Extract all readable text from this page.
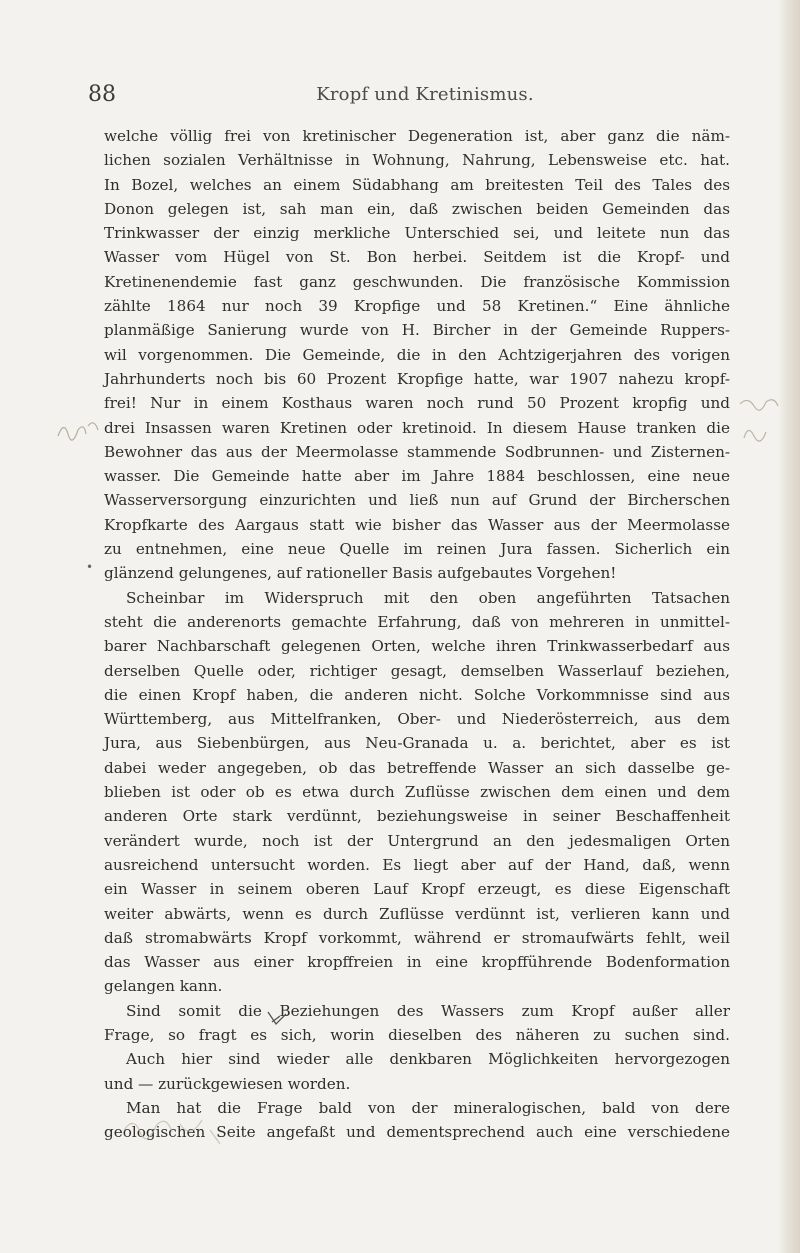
88	Kropf und Kretinismus.
welche völlig frei von kretinischer Degeneration ist, aber ganz die näm-
lichen sozialen Verhältnisse in Wohnung, Nahrung, Lebensweise etc. hat.
In Bozel, welches an einem Südabhang am breitesten Teil des Tales des
Donon gelegen ist, sah man ein, daß zwischen beiden Gemeinden das
Trinkwasser der einzig merkliche Unterschied sei, und leitete nun das
Wasser vom Hügel von St. Bon herbei. Seitdem ist die Kropf- und
Kretinenendemie fast ganz geschwunden. Die französische Kommission
zählte 1864 nur noch 39 Kropfige und 58 Kretinen.“ Eine ähnliche
planmäßige Sanierung wurde von H. Bircher in der Gemeinde Ruppers-
wil vorgenommen. Die Gemeinde, die in den Achtzigerjahren des vorigen
Jahrhunderts noch bis 60 Prozent Kropfige hatte, war 1907 nahezu kropf-
frei! Nur in einem Kosthaus waren noch rund 50 Prozent kropfig und
drei Insassen waren Kretinen oder kretinoid. In diesem Hause tranken die
Bewohner das aus der Meermolasse stammende Sodbrunnen- und Zisternen-
wasser. Die Gemeinde hatte aber im Jahre 1884 beschlossen, eine neue
Wasserversorgung einzurichten und ließ nun auf Grund der Bircherschen
Kropfkarte des Aargaus statt wie bisher das Wasser aus der Meermolasse
zu entnehmen, eine neue Quelle im reinen Jura fassen. Sicherlich ein
glänzend gelungenes, auf rationeller Basis aufgebautes Vorgehen!
Scheinbar im Widerspruch mit den oben angeführten Tatsachen
steht die anderenorts gemachte Erfahrung, daß von mehreren in unmittel-
barer Nachbarschaft gelegenen Orten, welche ihren Trinkwasserbedarf aus
derselben Quelle oder, richtiger gesagt, demselben Wasserlauf beziehen,
die einen Kropf haben, die anderen nicht. Solche Vorkommnisse sind aus
Württemberg, aus Mittelfranken, Ober- und Niederösterreich, aus dem
Jura, aus Siebenbürgen, aus Neu-Granada u. a. berichtet, aber es ist
dabei weder angegeben, ob das betreffende Wasser an sich dasselbe ge-
blieben ist oder ob es etwa durch Zuflüsse zwischen dem einen und dem
anderen Orte stark verdünnt, beziehungsweise in seiner Beschaffenheit
verändert wurde, noch ist der Untergrund an den jedesmaligen Orten
ausreichend untersucht worden. Es liegt aber auf der Hand, daß, wenn
ein Wasser in seinem oberen Lauf Kropf erzeugt, es diese Eigenschaft
weiter abwärts, wenn es durch Zuflüsse verdünnt ist, verlieren kann und
daß stromabwärts Kropf vorkommt, während er stromaufwärts fehlt, weil
das Wasser aus einer kropffreien in eine kropfführende Bodenformation
gelangen kann.
Sind somit die Beziehungen des Wassers zum Kropf außer aller
Frage, so fragt es sich, worin dieselben des näheren zu suchen sind.
Auch hier sind wieder alle denkbaren Möglichkeiten hervorgezogen
und — zurückgewiesen worden.
Man hat die Frage bald von der mineralogischen, bald von dere
geologischen Seite angefaßt und dementsprechend auch eine verschiedene
•
